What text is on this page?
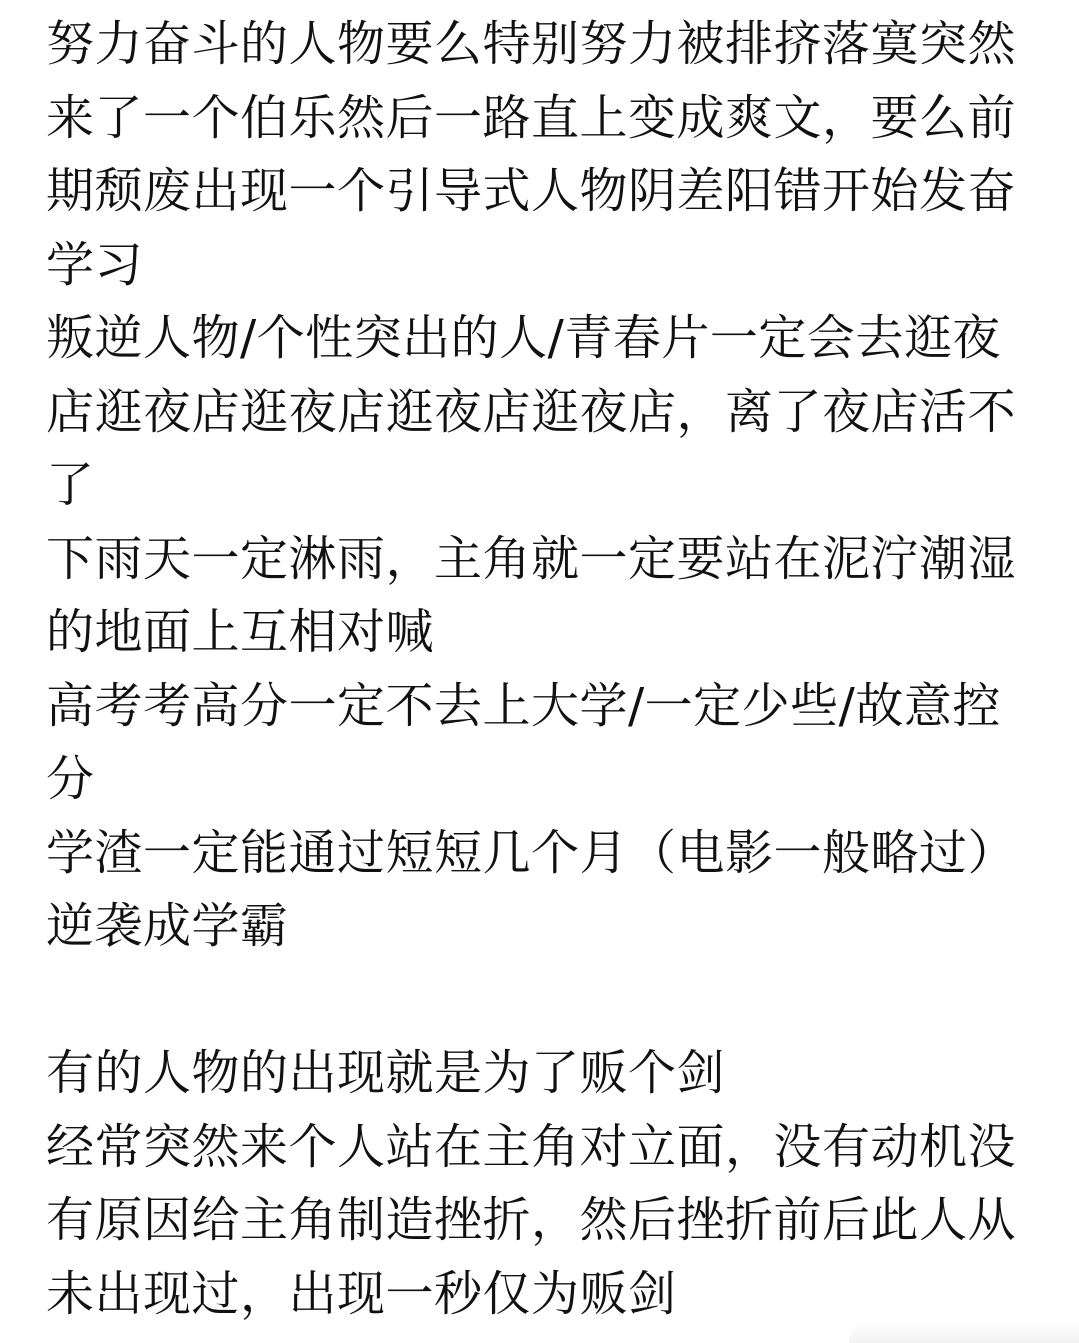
努力奋斗的人物要么特别努力被排挤落寞突然来了一个伯乐然后一路直上变成爽文，要么前期颓废出现一个引导式人物阴差阳错开始发奋学习

叛逆人物/个性突出的人/青春片一定会去逛夜店逛夜店逛夜店逛夜店逛夜店，离了夜店活不了

下雨天一定淋雨，主角就一定要站在泥泞潮湿的地面上互相对喊

高考考高分一定不去上大学/一定少些/故意控分

学渣一定能通过短短几个月（电影一般略过）逆袭成学霸

有的人物的出现就是为了贩个剑

经常突然来个人站在主角对立面，没有动机没有原因给主角制造挫折，然后挫折前后此人从未出现过，出现一秒仅为贩剑
